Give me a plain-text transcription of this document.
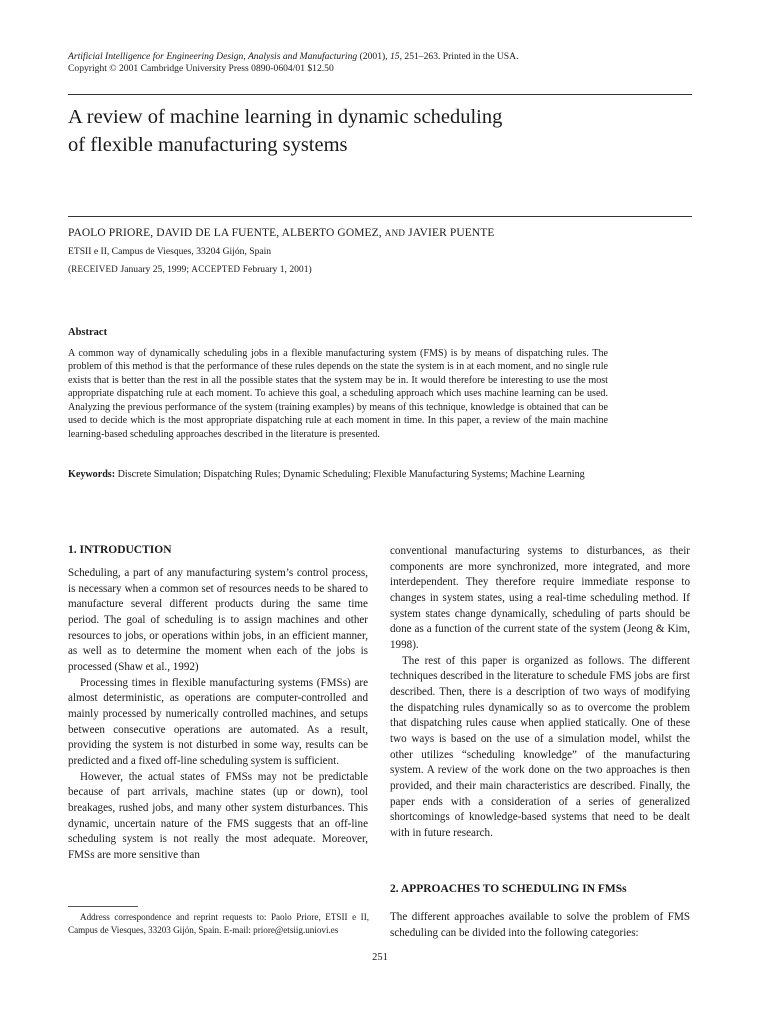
Artificial Intelligence for Engineering Design, Analysis and Manufacturing (2001), 15, 251–263. Printed in the USA.
Copyright © 2001 Cambridge University Press 0890-0604/01 $12.50
A review of machine learning in dynamic scheduling
of flexible manufacturing systems
PAOLO PRIORE, DAVID DE LA FUENTE, ALBERTO GOMEZ, AND JAVIER PUENTE
ETSII e II, Campus de Viesques, 33204 Gijón, Spain
(RECEIVED January 25, 1999; ACCEPTED February 1, 2001)
Abstract

A common way of dynamically scheduling jobs in a flexible manufacturing system (FMS) is by means of dispatching rules. The problem of this method is that the performance of these rules depends on the state the system is in at each moment, and no single rule exists that is better than the rest in all the possible states that the system may be in. It would therefore be interesting to use the most appropriate dispatching rule at each moment. To achieve this goal, a scheduling approach which uses machine learning can be used. Analyzing the previous performance of the system (training examples) by means of this technique, knowledge is obtained that can be used to decide which is the most appropriate dispatching rule at each moment in time. In this paper, a review of the main machine learning-based scheduling approaches described in the literature is presented.

Keywords: Discrete Simulation; Dispatching Rules; Dynamic Scheduling; Flexible Manufacturing Systems; Machine Learning

1. INTRODUCTION

Scheduling, a part of any manufacturing system’s control process, is necessary when a common set of resources needs to be shared to manufacture several different products during the same time period. The goal of scheduling is to assign machines and other resources to jobs, or operations within jobs, in an efficient manner, as well as to determine the moment when each of the jobs is processed (Shaw et al., 1992)

Processing times in flexible manufacturing systems (FMSs) are almost deterministic, as operations are computer-controlled and mainly processed by numerically controlled machines, and setups between consecutive operations are automated. As a result, providing the system is not disturbed in some way, results can be predicted and a fixed off-line scheduling system is sufficient.

However, the actual states of FMSs may not be predictable because of part arrivals, machine states (up or down), tool breakages, rushed jobs, and many other system disturbances. This dynamic, uncertain nature of the FMS suggests that an off-line scheduling system is not really the most adequate. Moreover, FMSs are more sensitive than

conventional manufacturing systems to disturbances, as their components are more synchronized, more integrated, and more interdependent. They therefore require immediate response to changes in system states, using a real-time scheduling method. If system states change dynamically, scheduling of parts should be done as a function of the current state of the system (Jeong & Kim, 1998).

The rest of this paper is organized as follows. The different techniques described in the literature to schedule FMS jobs are first described. Then, there is a description of two ways of modifying the dispatching rules dynamically so as to overcome the problem that dispatching rules cause when applied statically. One of these two ways is based on the use of a simulation model, whilst the other utilizes “scheduling knowledge” of the manufacturing system. A review of the work done on the two approaches is then provided, and their main characteristics are described. Finally, the paper ends with a consideration of a series of generalized shortcomings of knowledge-based systems that need to be dealt with in future research.

2. APPROACHES TO SCHEDULING IN FMSs

The different approaches available to solve the problem of FMS scheduling can be divided into the following categories:

Address correspondence and reprint requests to: Paolo Priore, ETSII e II, Campus de Viesques, 33203 Gijón, Spain. E-mail: priore@etsiig.uniovi.es

251
